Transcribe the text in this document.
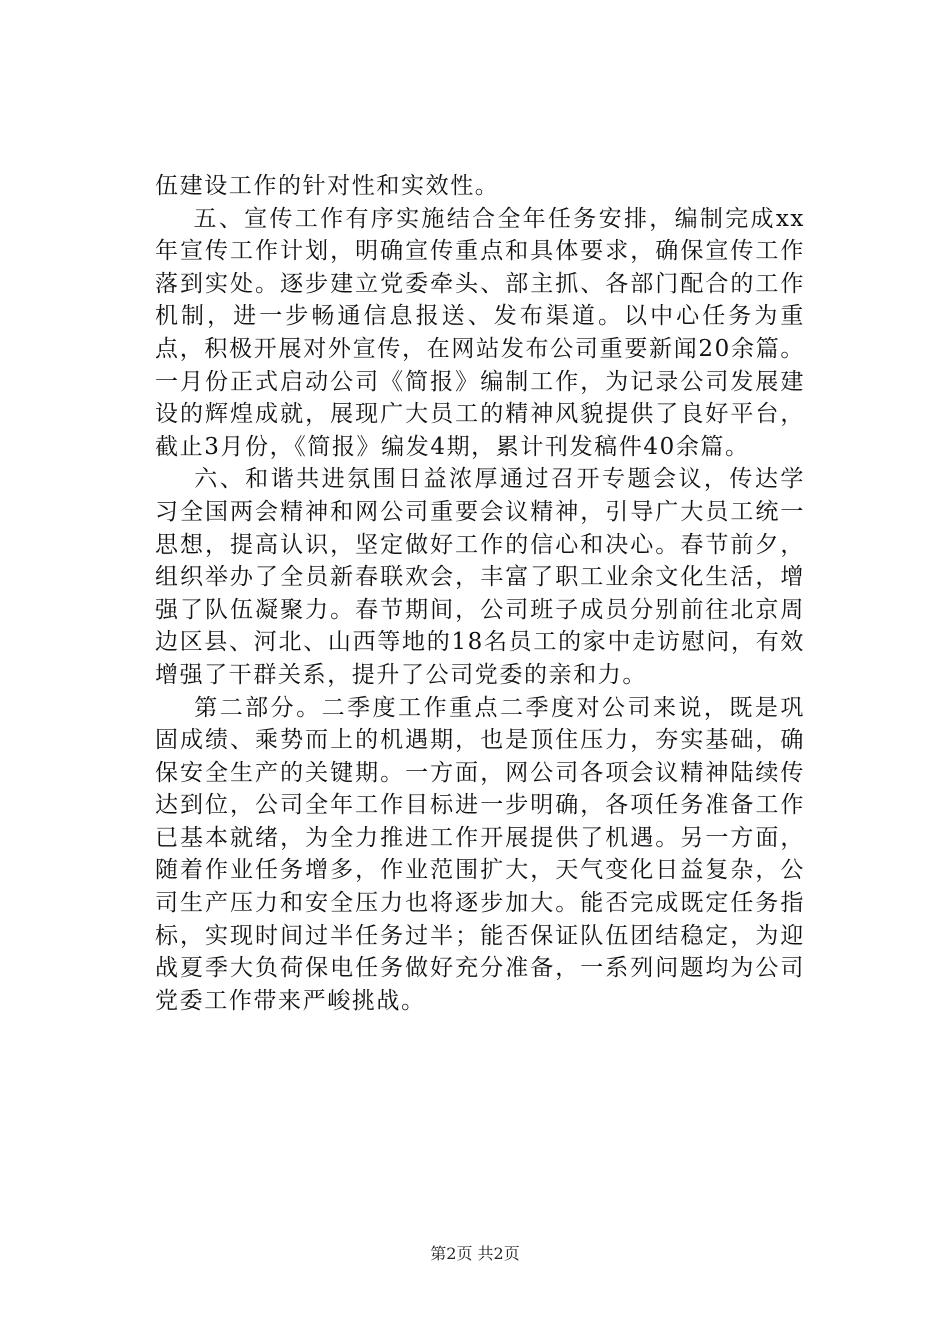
伍建设工作的针对性和实效性。

五、宣传工作有序实施结合全年任务安排，编制完成xx年宣传工作计划，明确宣传重点和具体要求，确保宣传工作落到实处。逐步建立党委牵头、部主抓、各部门配合的工作机制，进一步畅通信息报送、发布渠道。以中心任务为重点，积极开展对外宣传，在网站发布公司重要新闻20余篇。一月份正式启动公司《简报》编制工作，为记录公司发展建设的辉煌成就，展现广大员工的精神风貌提供了良好平台，截止3月份，《简报》编发4期，累计刊发稿件40余篇。

六、和谐共进氛围日益浓厚通过召开专题会议，传达学习全国两会精神和网公司重要会议精神，引导广大员工统一思想，提高认识，坚定做好工作的信心和决心。春节前夕，组织举办了全员新春联欢会，丰富了职工业余文化生活，增强了队伍凝聚力。春节期间，公司班子成员分别前往北京周边区县、河北、山西等地的18名员工的家中走访慰问，有效增强了干群关系，提升了公司党委的亲和力。

第二部分。二季度工作重点二季度对公司来说，既是巩固成绩、乘势而上的机遇期，也是顶住压力，夯实基础，确保安全生产的关键期。一方面，网公司各项会议精神陆续传达到位，公司全年工作目标进一步明确，各项任务准备工作已基本就绪，为全力推进工作开展提供了机遇。另一方面，随着作业任务增多，作业范围扩大，天气变化日益复杂，公司生产压力和安全压力也将逐步加大。能否完成既定任务指标，实现时间过半任务过半；能否保证队伍团结稳定，为迎战夏季大负荷保电任务做好充分准备，一系列问题均为公司党委工作带来严峻挑战。

第2页 共2页
